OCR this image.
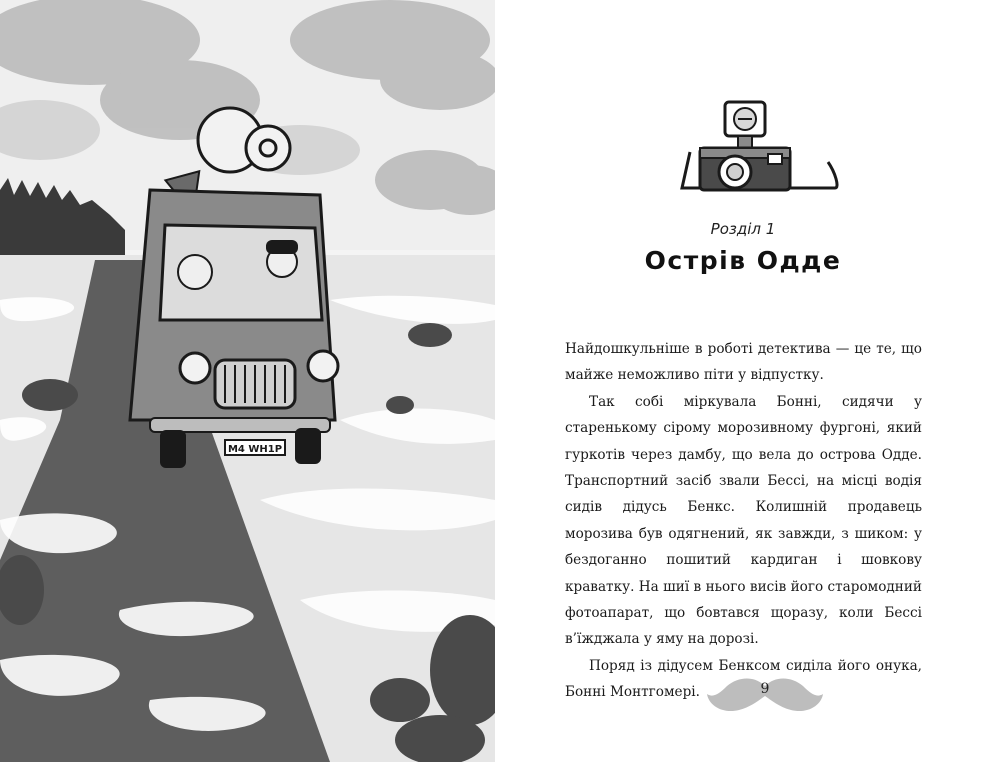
M4 WH1P
Розділ 1
Острів Одде

Найдошкульніше в роботі детектива — це те, що майже неможливо піти у відпустку.

Так собі міркувала Бонні, сидячи у старенькому сірому морозивному фургоні, який гуркотів через дамбу, що вела до острова Одде. Транспортний засіб звали Бессі, на місці водія сидів дідусь Бенкс. Колишній продавець морозива був одягнений, як завжди, з шиком: у бездоганно пошитий кардиган і шовкову краватку. На шиї в нього висів його старомодний фотоапарат, що бовтався щоразу, коли Бессі в’їжджала у яму на дорозі.

Поряд із дідусем Бенксом сиділа його онука, Бонні Монтгомері.	9
